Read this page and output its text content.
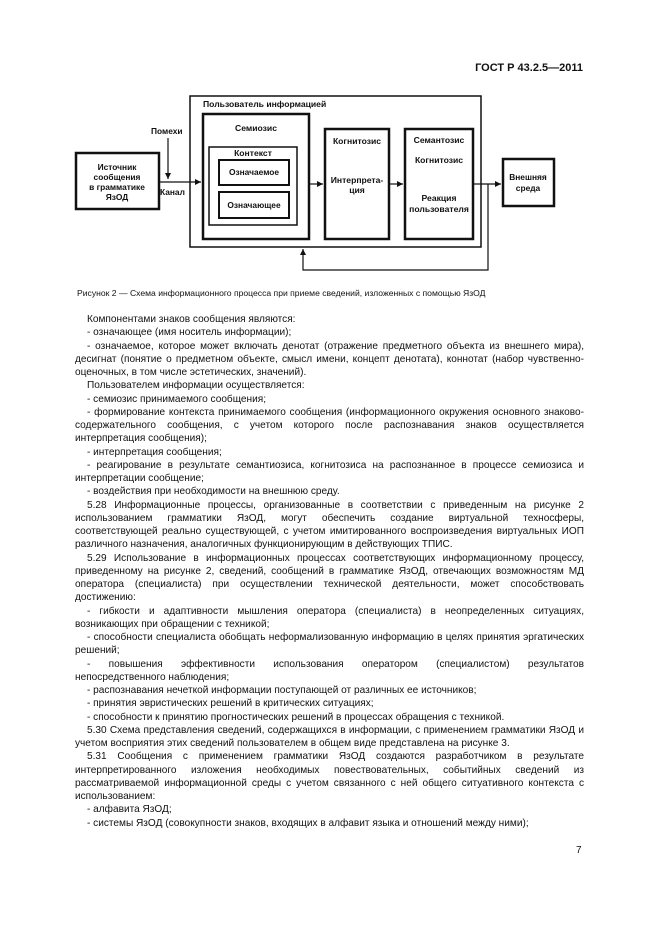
ГОСТ Р 43.2.5—2011
Пользователь информацией
Семиозис
Контекст
Означаемое
Означающее
Когнитозис
Интерпрета-
ция
Семантозис
Когнитозис
Реакция
пользователя
Источник
сообщения
в грамматике
ЯзОД
Внешняя
среда
Помехи
Канал
Рисунок 2 — Схема информационного процесса при приеме сведений, изложенных с помощью ЯзОД

Компонентами знаков сообщения являются:

- означающее (имя носитель информации);

- означаемое, которое может включать денотат (отражение предметного объекта из внешнего мира), десигнат (понятие о предметном объекте, смысл имени, концепт денотата), коннотат (набор чувственно-оценочных, в том числе эстетических, значений).

Пользователем информации осуществляется:

- семиозис принимаемого сообщения;

- формирование контекста принимаемого сообщения (информационного окружения основного знаково-содержательного сообщения, с учетом которого после распознавания знаков осуществляется интерпретация сообщения);

- интерпретация сообщения;

- реагирование в результате семантиозиса, когнитозиса на распознанное в процессе семиозиса и интерпретации сообщение;

- воздействия при необходимости на внешнюю среду.

5.28 Информационные процессы, организованные в соответствии с приведенным на рисунке 2 использованием грамматики ЯзОД, могут обеспечить создание виртуальной техносферы, соответствующей реально существующей, с учетом имитированного воспроизведения виртуальных ИОП различного назначения, аналогичных функционирующим в действующих ТПИС.

5.29 Использование в информационных процессах соответствующих информационному процессу, приведенному на рисунке 2, сведений, сообщений в грамматике ЯзОД, отвечающих возможностям МД оператора (специалиста) при осуществлении технической деятельности, может способствовать достижению:

- гибкости и адаптивности мышления оператора (специалиста) в неопределенных ситуациях, возникающих при обращении с техникой;

- способности специалиста обобщать неформализованную информацию в целях принятия эргатических решений;

- повышения эффективности использования оператором (специалистом) результатов непосредственного наблюдения;

- распознавания нечеткой информации поступающей от различных ее источников;

- принятия эвристических решений в критических ситуациях;

- способности к принятию прогностических решений в процессах обращения с техникой.

5.30 Схема представления сведений, содержащихся в информации, с применением грамматики ЯзОД и учетом восприятия этих сведений пользователем в общем виде представлена на рисунке 3.

5.31 Сообщения с применением грамматики ЯзОД создаются разработчиком в результате интерпретированного изложения необходимых повествовательных, событийных сведений из рассматриваемой информационной среды с учетом связанного с ней общего ситуативного контекста с использованием:

- алфавита ЯзОД;

- системы ЯзОД (совокупности знаков, входящих в алфавит языка и отношений между ними);

7
